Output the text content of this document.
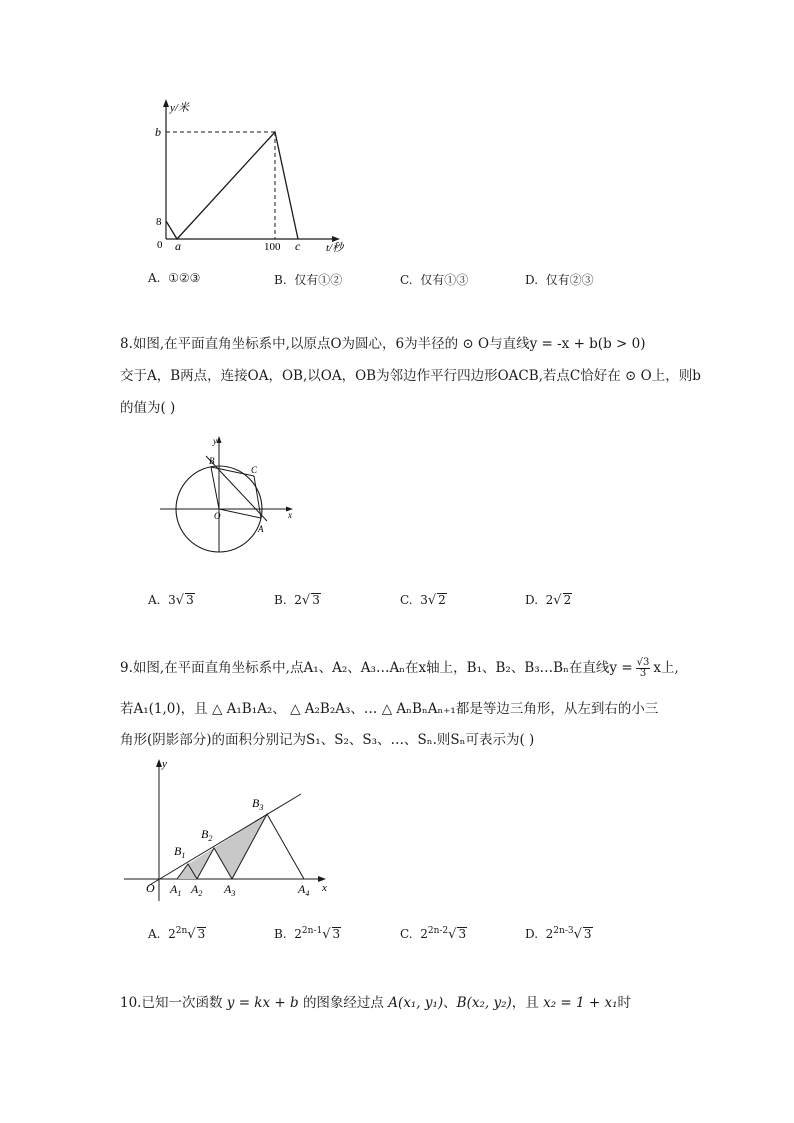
y/米
b
8
0 a	100 c t/秒
A. ①②③	B. 仅有①②	C. 仅有①③	D. 仅有②③
8.如图,在平面直角坐标系中,以原点O为圆心，6为半径的 ⊙ O与直线y = -x + b(b > 0)
交于A，B两点，连接OA，OB,以OA，OB为邻边作平行四边形OACB,若点C恰好在 ⊙ O上，则b
的值为( )
y
B
C
O	x
A
A. 3√ 3	B. 2√ 3	C. 3√ 2	D. 2√ 2
9.如图,在平面直角坐标系中,点A₁、A₂、A₃…Aₙ在x轴上，B₁、B₂、B₃…Bₙ在直线$y = \frac{√3}{3}$ x上,
若A₁(1,0)，且 △ A₁B₁A₂、 △ A₂B₂A₃、… △ AₙBₙAₙ₊₁都是等边三角形，从左到右的小三
角形(阴影部分)的面积分别记为S₁、S₂、S₃、…、Sₙ.则Sₙ可表示为( )
y
x
O $A_1$ $A_2$ $A_3$	$A_4$
$B_1$
$B_2$
$B_3$
A. $2^{2n}√$ 3	B. $2^{2n-1}√$ 3	C. $2^{2n-2}√$ 3	D. $2^{2n-3}√$ 3
10.已知一次函数 y = kx + b 的图象经过点 A(x₁, y₁)、B(x₂, y₂)，且 x₂ = 1 + x₁时
